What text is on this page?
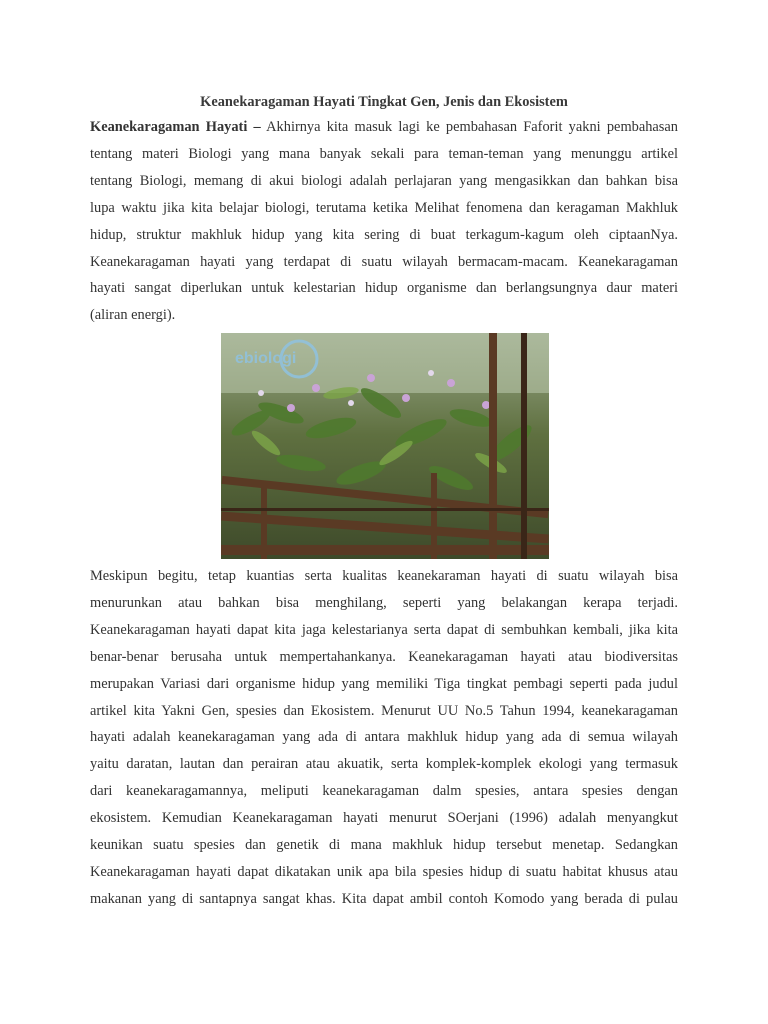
Keanekaragaman Hayati Tingkat Gen, Jenis dan Ekosistem
Keanekaragaman Hayati – Akhirnya kita masuk lagi ke pembahasan Faforit yakni pembahasan
tentang materi Biologi yang mana banyak sekali para teman-teman yang menunggu artikel
tentang Biologi, memang di akui biologi adalah perlajaran yang mengasikkan dan bahkan bisa
lupa waktu jika kita belajar biologi, terutama ketika Melihat fenomena dan keragaman Makhluk
hidup, struktur makhluk hidup yang kita sering di buat terkagum-kagum oleh ciptaanNya.
Keanekaragaman hayati yang terdapat di suatu wilayah bermacam-macam. Keanekaragaman
hayati sangat diperlukan untuk kelestarian hidup organisme dan berlangsungnya daur materi
(aliran energi).
ebiologi
Meskipun begitu, tetap kuantias serta kualitas keanekaraman hayati di suatu wilayah bisa
menurunkan atau bahkan bisa menghilang, seperti yang belakangan kerapa terjadi.
Keanekaragaman hayati dapat kita jaga kelestarianya serta dapat di sembuhkan kembali, jika kita
benar-benar berusaha untuk mempertahankanya. Keanekaragaman hayati atau biodiversitas
merupakan Variasi dari organisme hidup yang memiliki Tiga tingkat pembagi seperti pada judul
artikel kita Yakni Gen, spesies dan Ekosistem. Menurut UU No.5 Tahun 1994, keanekaragaman
hayati adalah keanekaragaman yang ada di antara makhluk hidup yang ada di semua wilayah
yaitu daratan, lautan dan perairan atau akuatik, serta komplek-komplek ekologi yang termasuk
dari keanekaragamannya, meliputi keanekaragaman dalm spesies, antara spesies dengan
ekosistem. Kemudian Keanekaragaman hayati menurut SOerjani (1996) adalah menyangkut
keunikan suatu spesies dan genetik di mana makhluk hidup tersebut menetap. Sedangkan
Keanekaragaman hayati dapat dikatakan unik apa bila spesies hidup di suatu habitat khusus atau
makanan yang di santapnya sangat khas. Kita dapat ambil contoh Komodo yang berada di pulau
